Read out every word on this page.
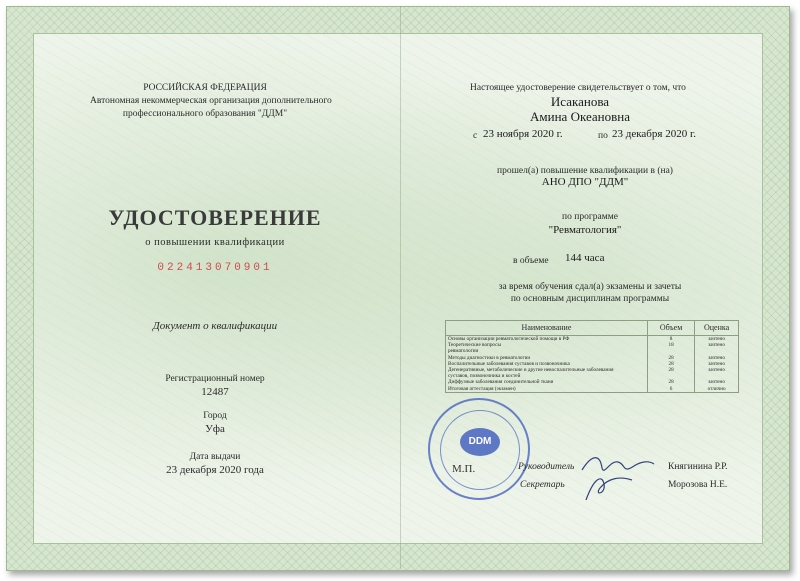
РОССИЙСКАЯ ФЕДЕРАЦИЯ
Автономная некоммерческая организация дополнительного
профессионального образования "ДДМ"
УДОСТОВЕРЕНИЕ
о повышении квалификации
022413070901
Документ о квалификации
Регистрационный номер
12487
Город
Уфа
Дата выдачи
23 декабря 2020 года
Настоящее удостоверение свидетельствует о том, что
Исаканова
Амина Океановна
с 23 ноября 2020 г.	по 23 декабря 2020 г.
прошел(а) повышение квалификации в (на)
АНО ДПО "ДДМ"
по программе
"Ревматология"
в объеме 144 часа
за время обучения сдал(а) экзамены и зачеты
по основным дисциплинам программы
Наименование	Объем	Оценка
Основы организации ревматологической помощи в РФ	8	зачтено
Теоретические вопросы	18	зачтено
ревматологии		
Методы диагностики в ревматологии	28	зачтено
Воспалительные заболевания суставов и позвоночника	28	зачтено
Дегенеративные, метаболические и другие невоспалительные заболевания	28	зачтено
суставов, позвоночника и костей		
Диффузные заболевания соединительной ткани	28	зачтено
Итоговая аттестация (экзамен)	6	отлично
DDM
М.П.	Руководитель	Княгинина Р.Р.
Секретарь	Морозова Н.Е.
